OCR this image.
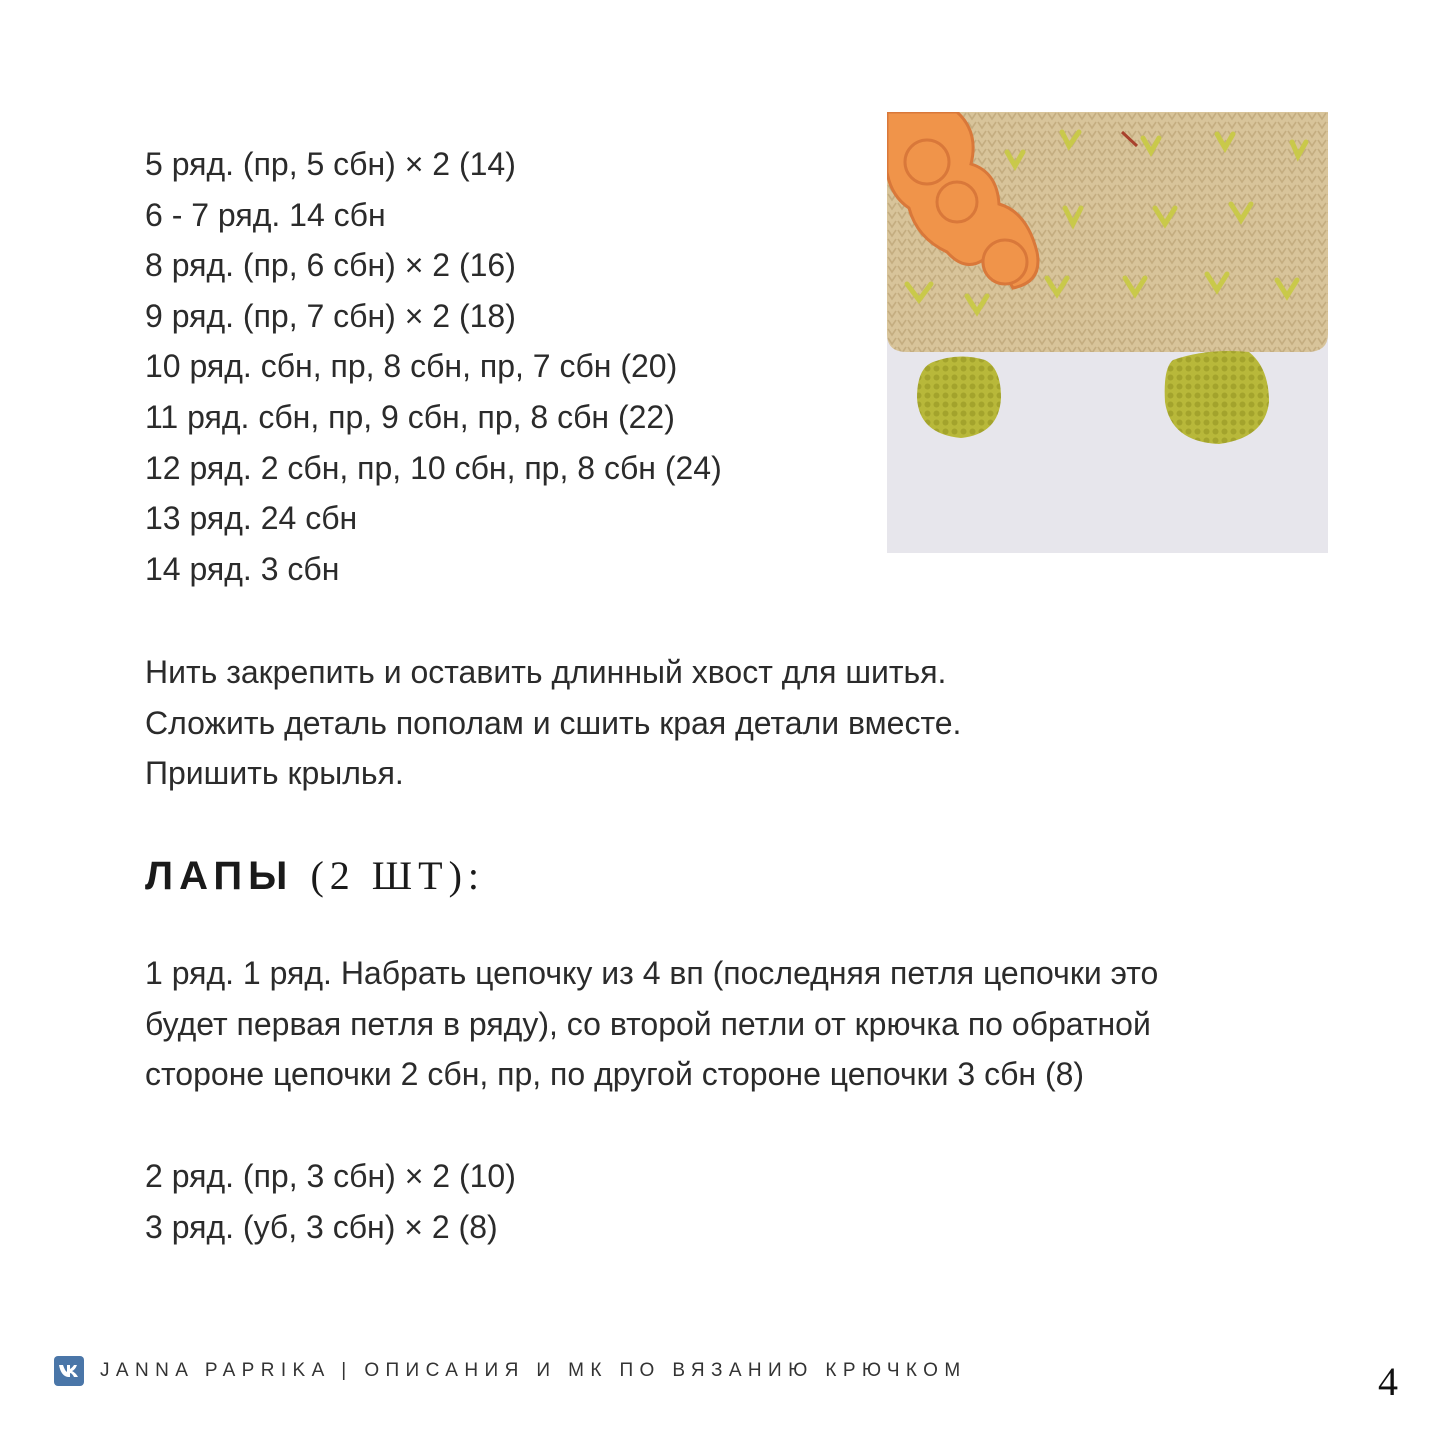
5 ряд. (пр, 5 сбн) × 2 (14)
6 - 7 ряд. 14 сбн
8 ряд. (пр, 6 сбн) × 2 (16)
9 ряд. (пр, 7 сбн) × 2 (18)
10 ряд. сбн, пр, 8 сбн, пр, 7 сбн (20)
11 ряд. сбн, пр, 9 сбн, пр, 8 сбн (22)
12 ряд. 2 сбн, пр, 10 сбн, пр, 8 сбн (24)
13 ряд. 24 сбн
14 ряд. 3 сбн

Нить закрепить и оставить длинный хвост для шитья.

Сложить деталь пополам и сшить края детали вместе.

Пришить крылья.

ЛАПЫ (2 ШТ):

1 ряд. 1 ряд. Набрать цепочку из 4 вп (последняя петля цепочки это

будет первая петля в ряду), со второй петли от крючка по обратной

стороне цепочки 2 сбн, пр, по другой стороне цепочки 3 сбн (8)

2 ряд. (пр, 3 сбн) × 2 (10)
3 ряд. (уб, 3 сбн) × 2 (8)
JANNA PAPRIKA | ОПИСАНИЯ И МК ПО ВЯЗАНИЮ КРЮЧКОМ	4
